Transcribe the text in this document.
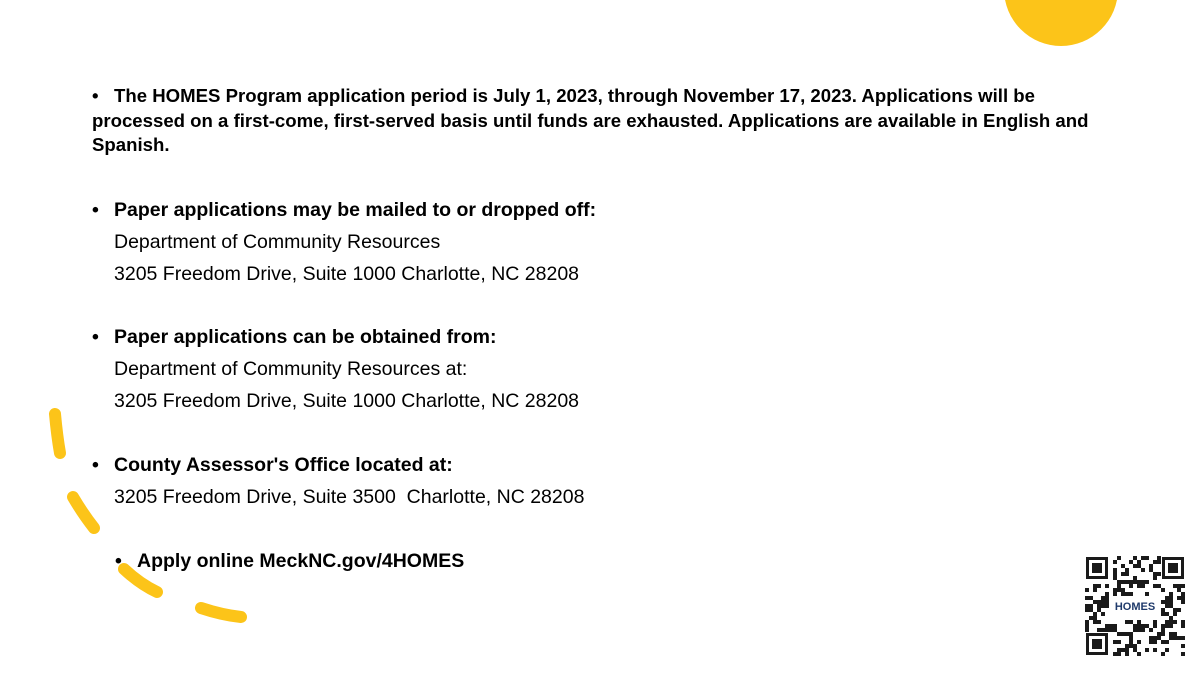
• The HOMES Program application period is July 1, 2023, through November 17, 2023. Applications will be processed on a first-come, first-served basis until funds are exhausted. Applications are available in English and Spanish.
• Paper applications may be mailed to or dropped off:
Department of Community Resources
3205 Freedom Drive, Suite 1000 Charlotte, NC 28208
• Paper applications can be obtained from:
Department of Community Resources at:
3205 Freedom Drive, Suite 1000 Charlotte, NC 28208
• County Assessor's Office located at:
3205 Freedom Drive, Suite 3500  Charlotte, NC 28208
• Apply online MeckNC.gov/4HOMES
HOMES
